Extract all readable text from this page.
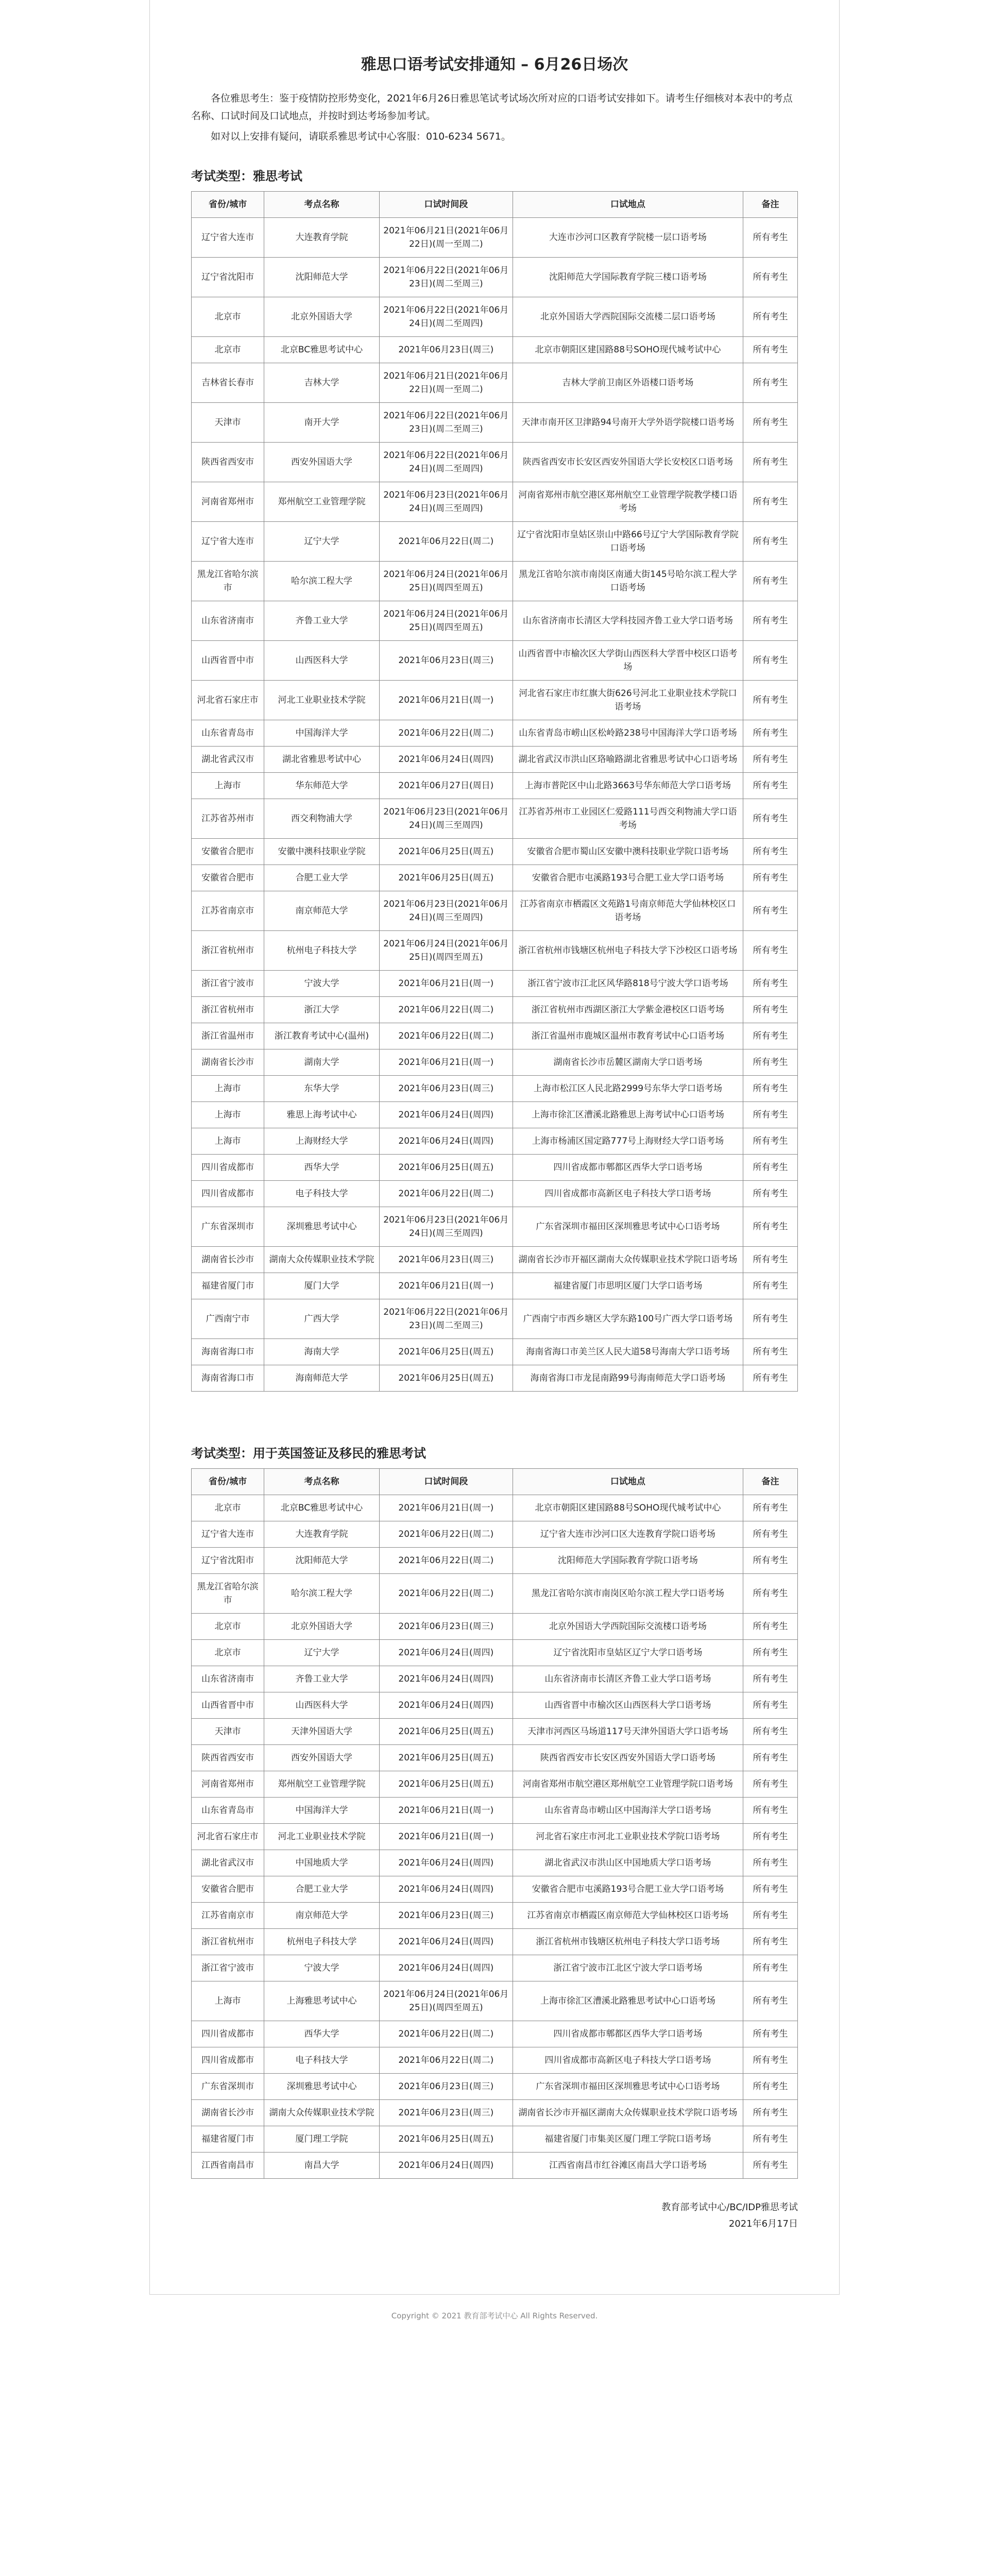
雅思口语考试安排通知 – 6月26日场次

各位雅思考生：鉴于疫情防控形势变化，2021年6月26日雅思笔试考试场次所对应的口语考试安排如下。请考生仔细核对本表中的考点名称、口试时间及口试地点，并按时到达考场参加考试。

如对以上安排有疑问，请联系雅思考试中心客服：010-6234 5671。

考试类型：雅思考试
省份/城市	考点名称	口试时间段	口试地点	备注
辽宁省大连市	大连教育学院	2021年06月21日(2021年06月22日)(周一至周二)	大连市沙河口区教育学院楼一层口语考场	所有考生
辽宁省沈阳市	沈阳师范大学	2021年06月22日(2021年06月23日)(周二至周三)	沈阳师范大学国际教育学院三楼口语考场	所有考生
北京市	北京外国语大学	2021年06月22日(2021年06月24日)(周二至周四)	北京外国语大学西院国际交流楼二层口语考场	所有考生
北京市	北京BC雅思考试中心	2021年06月23日(周三)	北京市朝阳区建国路88号SOHO现代城考试中心	所有考生
吉林省长春市	吉林大学	2021年06月21日(2021年06月22日)(周一至周二)	吉林大学前卫南区外语楼口语考场	所有考生
天津市	南开大学	2021年06月22日(2021年06月23日)(周二至周三)	天津市南开区卫津路94号南开大学外语学院楼口语考场	所有考生
陕西省西安市	西安外国语大学	2021年06月22日(2021年06月24日)(周二至周四)	陕西省西安市长安区西安外国语大学长安校区口语考场	所有考生
河南省郑州市	郑州航空工业管理学院	2021年06月23日(2021年06月24日)(周三至周四)	河南省郑州市航空港区郑州航空工业管理学院教学楼口语考场	所有考生
辽宁省大连市	辽宁大学	2021年06月22日(周二)	辽宁省沈阳市皇姑区崇山中路66号辽宁大学国际教育学院口语考场	所有考生
黑龙江省哈尔滨市	哈尔滨工程大学	2021年06月24日(2021年06月25日)(周四至周五)	黑龙江省哈尔滨市南岗区南通大街145号哈尔滨工程大学口语考场	所有考生
山东省济南市	齐鲁工业大学	2021年06月24日(2021年06月25日)(周四至周五)	山东省济南市长清区大学科技园齐鲁工业大学口语考场	所有考生
山西省晋中市	山西医科大学	2021年06月23日(周三)	山西省晋中市榆次区大学街山西医科大学晋中校区口语考场	所有考生
河北省石家庄市	河北工业职业技术学院	2021年06月21日(周一)	河北省石家庄市红旗大街626号河北工业职业技术学院口语考场	所有考生
山东省青岛市	中国海洋大学	2021年06月22日(周二)	山东省青岛市崂山区松岭路238号中国海洋大学口语考场	所有考生
湖北省武汉市	湖北省雅思考试中心	2021年06月24日(周四)	湖北省武汉市洪山区珞喻路湖北省雅思考试中心口语考场	所有考生
上海市	华东师范大学	2021年06月27日(周日)	上海市普陀区中山北路3663号华东师范大学口语考场	所有考生
江苏省苏州市	西交利物浦大学	2021年06月23日(2021年06月24日)(周三至周四)	江苏省苏州市工业园区仁爱路111号西交利物浦大学口语考场	所有考生
安徽省合肥市	安徽中澳科技职业学院	2021年06月25日(周五)	安徽省合肥市蜀山区安徽中澳科技职业学院口语考场	所有考生
安徽省合肥市	合肥工业大学	2021年06月25日(周五)	安徽省合肥市屯溪路193号合肥工业大学口语考场	所有考生
江苏省南京市	南京师范大学	2021年06月23日(2021年06月24日)(周三至周四)	江苏省南京市栖霞区文苑路1号南京师范大学仙林校区口语考场	所有考生
浙江省杭州市	杭州电子科技大学	2021年06月24日(2021年06月25日)(周四至周五)	浙江省杭州市钱塘区杭州电子科技大学下沙校区口语考场	所有考生
浙江省宁波市	宁波大学	2021年06月21日(周一)	浙江省宁波市江北区风华路818号宁波大学口语考场	所有考生
浙江省杭州市	浙江大学	2021年06月22日(周二)	浙江省杭州市西湖区浙江大学紫金港校区口语考场	所有考生
浙江省温州市	浙江教育考试中心(温州)	2021年06月22日(周二)	浙江省温州市鹿城区温州市教育考试中心口语考场	所有考生
湖南省长沙市	湖南大学	2021年06月21日(周一)	湖南省长沙市岳麓区湖南大学口语考场	所有考生
上海市	东华大学	2021年06月23日(周三)	上海市松江区人民北路2999号东华大学口语考场	所有考生
上海市	雅思上海考试中心	2021年06月24日(周四)	上海市徐汇区漕溪北路雅思上海考试中心口语考场	所有考生
上海市	上海财经大学	2021年06月24日(周四)	上海市杨浦区国定路777号上海财经大学口语考场	所有考生
四川省成都市	西华大学	2021年06月25日(周五)	四川省成都市郫都区西华大学口语考场	所有考生
四川省成都市	电子科技大学	2021年06月22日(周二)	四川省成都市高新区电子科技大学口语考场	所有考生
广东省深圳市	深圳雅思考试中心	2021年06月23日(2021年06月24日)(周三至周四)	广东省深圳市福田区深圳雅思考试中心口语考场	所有考生
湖南省长沙市	湖南大众传媒职业技术学院	2021年06月23日(周三)	湖南省长沙市开福区湖南大众传媒职业技术学院口语考场	所有考生
福建省厦门市	厦门大学	2021年06月21日(周一)	福建省厦门市思明区厦门大学口语考场	所有考生
广西南宁市	广西大学	2021年06月22日(2021年06月23日)(周二至周三)	广西南宁市西乡塘区大学东路100号广西大学口语考场	所有考生
海南省海口市	海南大学	2021年06月25日(周五)	海南省海口市美兰区人民大道58号海南大学口语考场	所有考生
海南省海口市	海南师范大学	2021年06月25日(周五)	海南省海口市龙昆南路99号海南师范大学口语考场	所有考生
考试类型：用于英国签证及移民的雅思考试
省份/城市	考点名称	口试时间段	口试地点	备注
北京市	北京BC雅思考试中心	2021年06月21日(周一)	北京市朝阳区建国路88号SOHO现代城考试中心	所有考生
辽宁省大连市	大连教育学院	2021年06月22日(周二)	辽宁省大连市沙河口区大连教育学院口语考场	所有考生
辽宁省沈阳市	沈阳师范大学	2021年06月22日(周二)	沈阳师范大学国际教育学院口语考场	所有考生
黑龙江省哈尔滨市	哈尔滨工程大学	2021年06月22日(周二)	黑龙江省哈尔滨市南岗区哈尔滨工程大学口语考场	所有考生
北京市	北京外国语大学	2021年06月23日(周三)	北京外国语大学西院国际交流楼口语考场	所有考生
北京市	辽宁大学	2021年06月24日(周四)	辽宁省沈阳市皇姑区辽宁大学口语考场	所有考生
山东省济南市	齐鲁工业大学	2021年06月24日(周四)	山东省济南市长清区齐鲁工业大学口语考场	所有考生
山西省晋中市	山西医科大学	2021年06月24日(周四)	山西省晋中市榆次区山西医科大学口语考场	所有考生
天津市	天津外国语大学	2021年06月25日(周五)	天津市河西区马场道117号天津外国语大学口语考场	所有考生
陕西省西安市	西安外国语大学	2021年06月25日(周五)	陕西省西安市长安区西安外国语大学口语考场	所有考生
河南省郑州市	郑州航空工业管理学院	2021年06月25日(周五)	河南省郑州市航空港区郑州航空工业管理学院口语考场	所有考生
山东省青岛市	中国海洋大学	2021年06月21日(周一)	山东省青岛市崂山区中国海洋大学口语考场	所有考生
河北省石家庄市	河北工业职业技术学院	2021年06月21日(周一)	河北省石家庄市河北工业职业技术学院口语考场	所有考生
湖北省武汉市	中国地质大学	2021年06月24日(周四)	湖北省武汉市洪山区中国地质大学口语考场	所有考生
安徽省合肥市	合肥工业大学	2021年06月24日(周四)	安徽省合肥市屯溪路193号合肥工业大学口语考场	所有考生
江苏省南京市	南京师范大学	2021年06月23日(周三)	江苏省南京市栖霞区南京师范大学仙林校区口语考场	所有考生
浙江省杭州市	杭州电子科技大学	2021年06月24日(周四)	浙江省杭州市钱塘区杭州电子科技大学口语考场	所有考生
浙江省宁波市	宁波大学	2021年06月24日(周四)	浙江省宁波市江北区宁波大学口语考场	所有考生
上海市	上海雅思考试中心	2021年06月24日(2021年06月25日)(周四至周五)	上海市徐汇区漕溪北路雅思考试中心口语考场	所有考生
四川省成都市	西华大学	2021年06月22日(周二)	四川省成都市郫都区西华大学口语考场	所有考生
四川省成都市	电子科技大学	2021年06月22日(周二)	四川省成都市高新区电子科技大学口语考场	所有考生
广东省深圳市	深圳雅思考试中心	2021年06月23日(周三)	广东省深圳市福田区深圳雅思考试中心口语考场	所有考生
湖南省长沙市	湖南大众传媒职业技术学院	2021年06月23日(周三)	湖南省长沙市开福区湖南大众传媒职业技术学院口语考场	所有考生
福建省厦门市	厦门理工学院	2021年06月25日(周五)	福建省厦门市集美区厦门理工学院口语考场	所有考生
江西省南昌市	南昌大学	2021年06月24日(周四)	江西省南昌市红谷滩区南昌大学口语考场	所有考生
教育部考试中心/BC/IDP雅思考试
2021年6月17日
Copyright © 2021 教育部考试中心 All Rights Reserved.
